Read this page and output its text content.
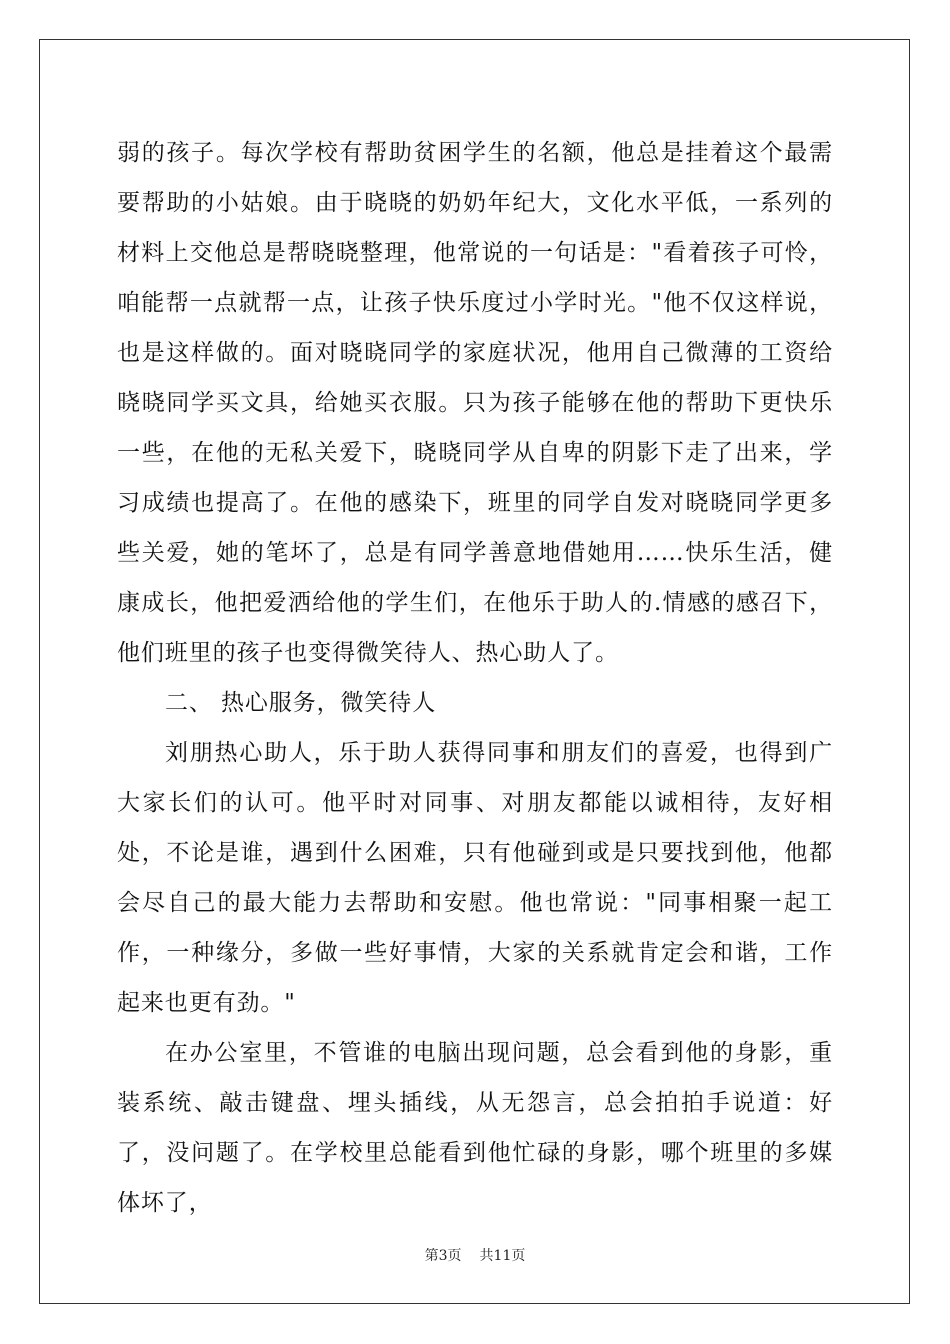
弱的孩子。每次学校有帮助贫困学生的名额，他总是挂着这个最需要帮助的小姑娘。由于晓晓的奶奶年纪大，文化水平低，一系列的材料上交他总是帮晓晓整理，他常说的一句话是："看着孩子可怜，咱能帮一点就帮一点，让孩子快乐度过小学时光。"他不仅这样说，也是这样做的。面对晓晓同学的家庭状况，他用自己微薄的工资给晓晓同学买文具，给她买衣服。只为孩子能够在他的帮助下更快乐一些，在他的无私关爱下，晓晓同学从自卑的阴影下走了出来，学习成绩也提高了。在他的感染下，班里的同学自发对晓晓同学更多些关爱，她的笔坏了，总是有同学善意地借她用……快乐生活，健康成长，他把爱洒给他的学生们，在他乐于助人的.情感的感召下，他们班里的孩子也变得微笑待人、热心助人了。

二、 热心服务，微笑待人

刘朋热心助人，乐于助人获得同事和朋友们的喜爱，也得到广大家长们的认可。他平时对同事、对朋友都能以诚相待，友好相处，不论是谁，遇到什么困难，只有他碰到或是只要找到他，他都会尽自己的最大能力去帮助和安慰。他也常说："同事相聚一起工作，一种缘分，多做一些好事情，大家的关系就肯定会和谐，工作起来也更有劲。"

在办公室里，不管谁的电脑出现问题，总会看到他的身影，重装系统、敲击键盘、埋头插线，从无怨言，总会拍拍手说道：好了，没问题了。在学校里总能看到他忙碌的身影，哪个班里的多媒体坏了，

第3页 共11页
